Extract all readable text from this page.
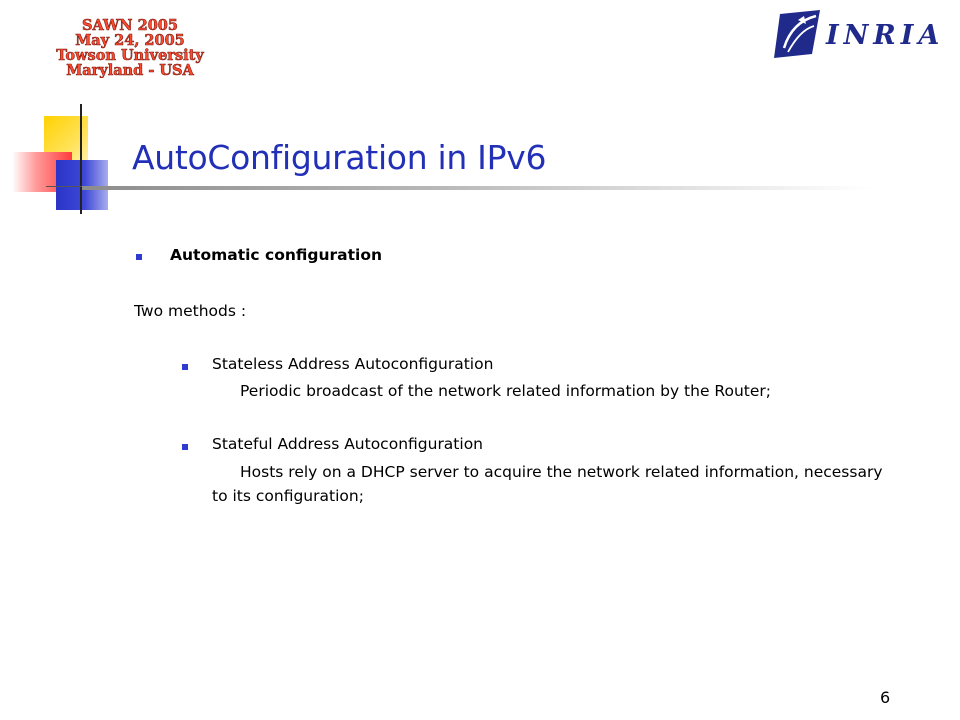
SAWN 2005
May 24, 2005
Towson University
Maryland - USA
INRIA
AutoConfiguration in IPv6
Automatic configuration
Two methods :
Stateless Address Autoconfiguration
Periodic broadcast of the network related information by the Router;
Stateful Address Autoconfiguration
Hosts rely on a DHCP server to acquire the network related information, necessary
to its configuration;
6
